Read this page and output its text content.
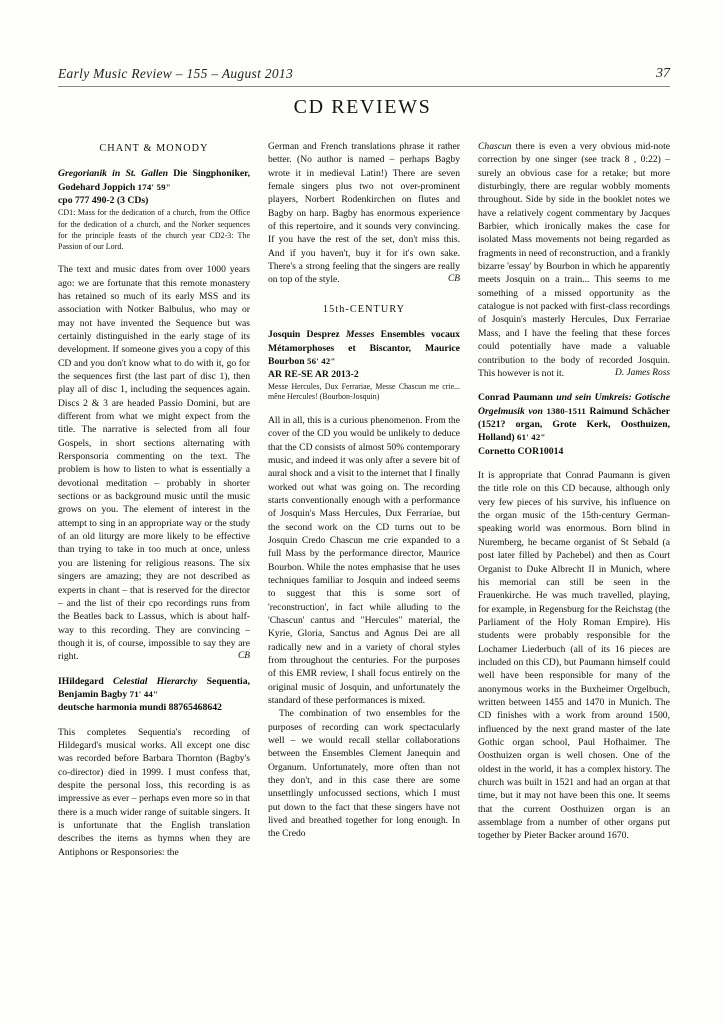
Early Music Review – 155 – August 2013	37
CD REVIEWS
CHANT & MONODY
Gregorianik in St. Gallen Die Singphoniker, Godehard Joppich 174' 59"
cpo 777 490-2 (3 CDs)
CD1: Mass for the dedication of a church, from the Office for the dedication of a church, and the Norker sequences for the principle feasts of the church year CD2-3: The Passion of our Lord.

The text and music dates from over 1000 years ago: we are fortunate that this remote monastery has retained so much of its early MSS and its association with Notker Balbulus, who may or may not have invented the Sequence but was certainly distinguished in the early stage of its development. If someone gives you a copy of this CD and you don't know what to do with it, go for the sequences first (the last part of disc 1), then play all of disc 1, including the sequences again. Discs 2 & 3 are headed Passio Domini, but are different from what we might expect from the title. The narrative is selected from all four Gospels, in short sections alternating with Rersponsoria commenting on the text. The problem is how to listen to what is essentially a devotional meditation – probably in shorter sections or as background music until the music grows on you. The element of interest in the attempt to sing in an appropriate way or the study of an old liturgy are more likely to be effective than trying to take in too much at once, unless you are listening for religious reasons. The six singers are amazing; they are not described as experts in chant – that is reserved for the director – and the list of their cpo recordings runs from the Beatles back to Lassus, which is about half-way to this recording. They are convincing – though it is, of course, impossible to say they are right.	CB

IHildegard Celestial Hierarchy Sequentia, Benjamin Bagby 71' 44"
deutsche harmonia mundi 88765468642

This completes Sequentia's recording of Hildegard's musical works. All except one disc was recorded before Barbara Thornton (Bagby's co-director) died in 1999. I must confess that, despite the personal loss, this recording is as impressive as ever – perhaps even more so in that there is a much wider range of suitable singers. It is unfortunate that the English translation describes the items as hymns when they are Antiphons or Responsories: the

German and French translations phrase it rather better. (No author is named – perhaps Bagby wrote it in medieval Latin!) There are seven female singers plus two not over-prominent players, Norbert Rodenkirchen on flutes and Bagby on harp. Bagby has enormous experience of this repertoire, and it sounds very convincing. If you have the rest of the set, don't miss this. And if you haven't, buy it for it's own sake. There's a strong feeling that the singers are really on top of the style.	CB

15th-CENTURY
Josquin Desprez Messes Ensembles vocaux Métamorphoses et Biscantor, Maurice Bourbon 56' 42"
AR RE-SE AR 2013-2
Messe Hercules, Dux Ferrariae, Messe Chascun me crie... mêne Hercules! (Bourbon-Josquin)

All in all, this is a curious phenomenon. From the cover of the CD you would be unlikely to deduce that the CD consists of almost 50% contemporary music, and indeed it was only after a severe bit of aural shock and a visit to the internet that I finally worked out what was going on. The recording starts conventionally enough with a performance of Josquin's Mass Hercules, Dux Ferrariae, but the second work on the CD turns out to be Josquin Credo Chascun me crie expanded to a full Mass by the performance director, Maurice Bourbon. While the notes emphasise that he uses techniques familiar to Josquin and indeed seems to suggest that this is some sort of 'reconstruction', in fact while alluding to the 'Chascun' cantus and "Hercules" material, the Kyrie, Gloria, Sanctus and Agnus Dei are all radically new and in a variety of choral styles from throughout the centuries. For the purposes of this EMR review, I shall focus entirely on the original music of Josquin, and unfortunately the standard of these performances is mixed.

The combination of two ensembles for the purposes of recording can work spectacularly well – we would recall stellar collaborations between the Ensembles Clement Janequin and Organum. Unfortunately, more often than not they don't, and in this case there are some unsettlingly unfocussed sections, which I must put down to the fact that these singers have not lived and breathed together for long enough. In the Credo

Chascun there is even a very obvious mid-note correction by one singer (see track 8 , 0:22) – surely an obvious case for a retake; but more disturbingly, there are regular wobbly moments throughout. Side by side in the booklet notes we have a relatively cogent commentary by Jacques Barbier, which ironically makes the case for isolated Mass movements not being regarded as fragments in need of reconstruction, and a frankly bizarre 'essay' by Bourbon in which he apparently meets Josquin on a train... This seems to me something of a missed opportunity as the catalogue is not packed with first-class recordings of Josquin's masterly Hercules, Dux Ferrariae Mass, and I have the feeling that these forces could potentially have made a valuable contribution to the body of recorded Josquin. This however is not it.	D. James Ross

Conrad Paumann und sein Umkreis: Gotische Orgelmusik von 1380-1511 Raimund Schächer (1521? organ, Grote Kerk, Oosthuizen, Holland) 61' 42"
Cornetto COR10014

It is appropriate that Conrad Paumann is given the title role on this CD because, although only very few pieces of his survive, his influence on the organ music of the 15th-century German-speaking world was enormous. Born blind in Nuremberg, he became organist of St Sebald (a post later filled by Pachebel) and then as Court Organist to Duke Albrecht II in Munich, where his memorial can still be seen in the Frauenkirche. He was much travelled, playing, for example, in Regensburg for the Reichstag (the Parliament of the Holy Roman Empire). His students were probably responsible for the Lochamer Liederbuch (all of its 16 pieces are included on this CD), but Paumann himself could well have been responsible for many of the anonymous works in the Buxheimer Orgelbuch, written between 1455 and 1470 in Munich. The CD finishes with a work from around 1500, influenced by the next grand master of the late Gothic organ school, Paul Hofhaimer. The Oosthuizen organ is well chosen. One of the oldest in the world, it has a complex history. The church was built in 1521 and had an organ at that time, but it may not have been this one. It seems that the current Oosthuizen organ is an assemblage from a number of other organs put together by Pieter Backer around 1670.
